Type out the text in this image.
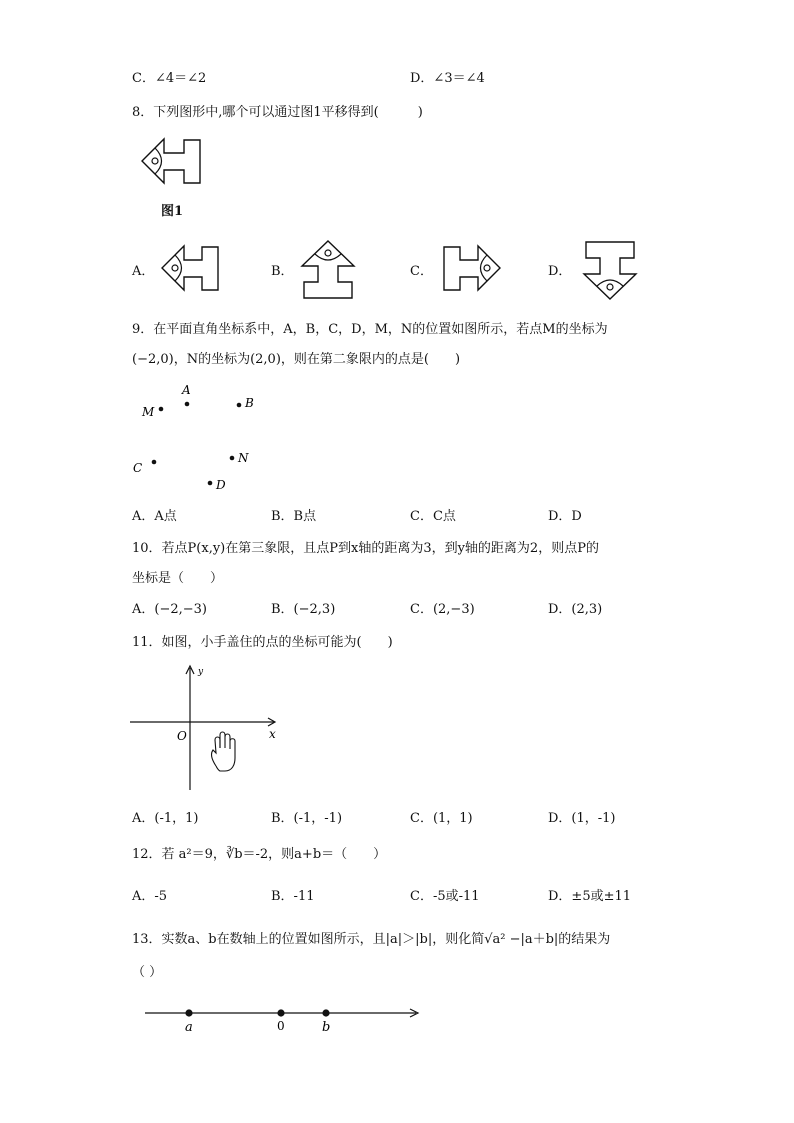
C．∠4＝∠2	D．∠3＝∠4
8．下列图形中,哪个可以通过图1平移得到(　　　)
图1
A．	B．	C．	D．
9．在平面直角坐标系中，A，B，C，D，M，N的位置如图所示，若点M的坐标为
(−2,0)，N的坐标为(2,0)，则在第二象限内的点是(　　)
A
B
C
D
M
N
A．A点	B．B点	C．C点	D．D
10．若点P(x,y)在第三象限，且点P到x轴的距离为3，到y轴的距离为2，则点P的
坐标是（　　）
A．(−2,−3)	B．(−2,3)	C．(2,−3)	D．(2,3)
11．如图，小手盖住的点的坐标可能为(　　)
x
y
O
A．(-1，1)	B．(-1，-1)	C．(1，1)	D．(1，-1)
12．若 a²＝9，∛b＝-2，则a+b＝（　　）
A．-5	B．-11	C．-5或-11	D．±5或±11
13．实数a、b在数轴上的位置如图所示，且|a|＞|b|，则化简√a² −|a＋b|的结果为
（ ）
a	0	b
